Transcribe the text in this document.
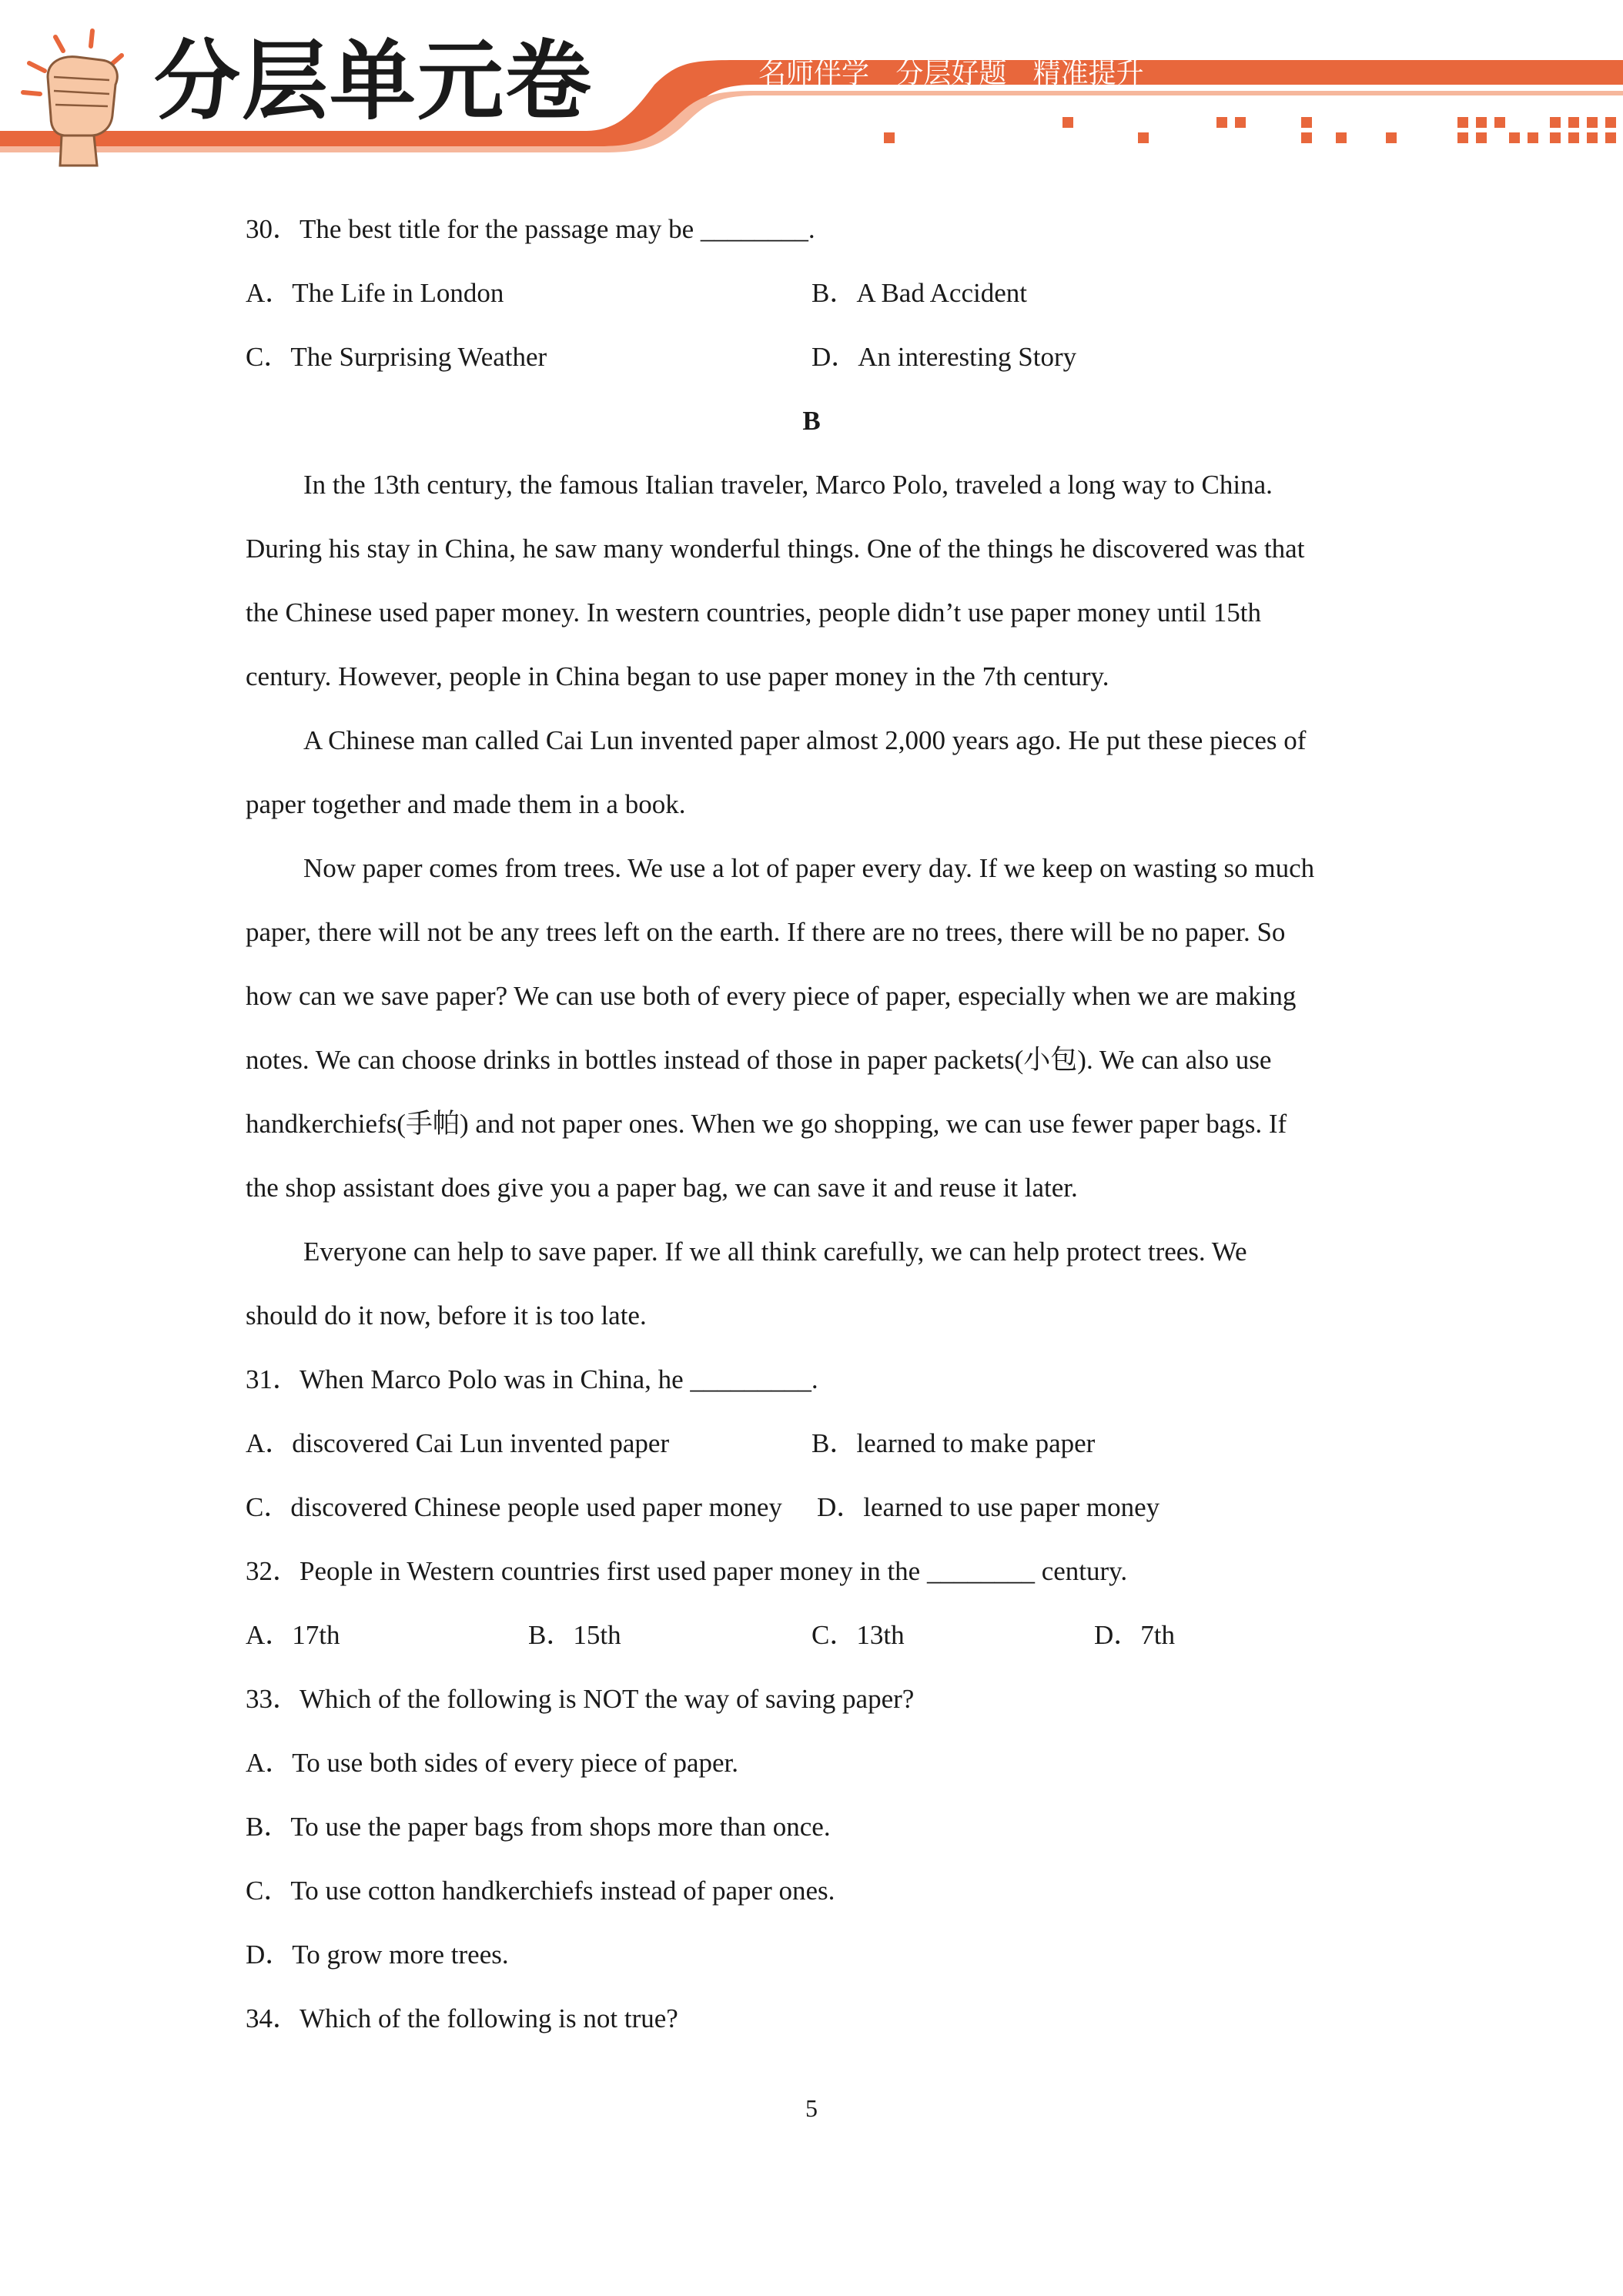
分层单元卷	名师伴学   分层好题   精准提升
30．The best title for the passage may be ________.
A．The Life in London	B．A Bad Accident
C．The Surprising Weather	D．An interesting Story
B
In the 13th century, the famous Italian traveler, Marco Polo, traveled a long way to China.
During his stay in China, he saw many wonderful things. One of the things he discovered was that
the Chinese used paper money. In western countries, people didn’t use paper money until 15th
century. However, people in China began to use paper money in the 7th century.
A Chinese man called Cai Lun invented paper almost 2,000 years ago. He put these pieces of
paper together and made them in a book.
Now paper comes from trees. We use a lot of paper every day. If we keep on wasting so much
paper, there will not be any trees left on the earth. If there are no trees, there will be no paper. So
how can we save paper? We can use both of every piece of paper, especially when we are making
notes. We can choose drinks in bottles instead of those in paper packets(小包). We can also use
handkerchiefs(手帕) and not paper ones. When we go shopping, we can use fewer paper bags. If
the shop assistant does give you a paper bag, we can save it and reuse it later.
Everyone can help to save paper. If we all think carefully, we can help protect trees. We
should do it now, before it is too late.
31．When Marco Polo was in China, he _________.
A．discovered Cai Lun invented paper	B．learned to make paper
C．discovered Chinese people used paper money D．learned to use paper money
32．People in Western countries first used paper money in the ________ century.
A．17th	B．15th	C．13th	D．7th
33．Which of the following is NOT the way of saving paper?
A．To use both sides of every piece of paper.
B．To use the paper bags from shops more than once.
C．To use cotton handkerchiefs instead of paper ones.
D．To grow more trees.
34．Which of the following is not true?
5
